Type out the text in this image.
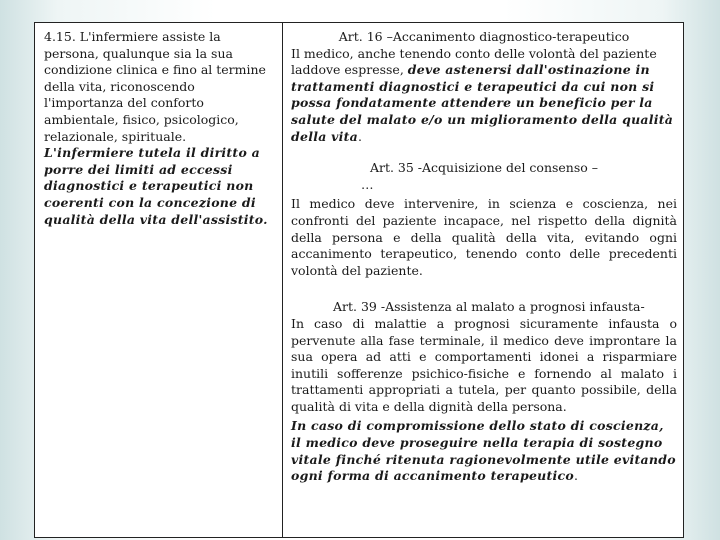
4.15. L'infermiere assiste la persona, qualunque sia la sua condizione clinica e fino al termine della vita, riconoscendo l'importanza del conforto ambientale, fisico, psicologico, relazionale, spirituale. L'infermiere tutela il diritto a porre dei limiti ad eccessi diagnostici e terapeutici non coerenti con la concezione di qualità della vita dell'assistito.

Art. 16 –Accanimento diagnostico-terapeutico

Il medico, anche tenendo conto delle volontà del paziente laddove espresse, deve astenersi dall'ostinazione in trattamenti diagnostici e terapeutici da cui non si possa fondatamente attendere un beneficio per la salute del malato e/o un miglioramento della qualità della vita.

Art. 35 -Acquisizione del consenso –

…

Il medico deve intervenire, in scienza e coscienza, nei confronti del paziente incapace, nel rispetto della dignità della persona e della qualità della vita, evitando ogni accanimento terapeutico, tenendo conto delle precedenti volontà del paziente.

Art. 39 -Assistenza al malato a prognosi infausta-

In caso di malattie a prognosi sicuramente infausta o pervenute alla fase terminale, il medico deve improntare la sua opera ad atti e comportamenti idonei a risparmiare inutili sofferenze psichico-fisiche e fornendo al malato i trattamenti appropriati a tutela, per quanto possibile, della qualità di vita e della dignità della persona.

In caso di compromissione dello stato di coscienza, il medico deve proseguire nella terapia di sostegno vitale finché ritenuta ragionevolmente utile evitando ogni forma di accanimento terapeutico.
